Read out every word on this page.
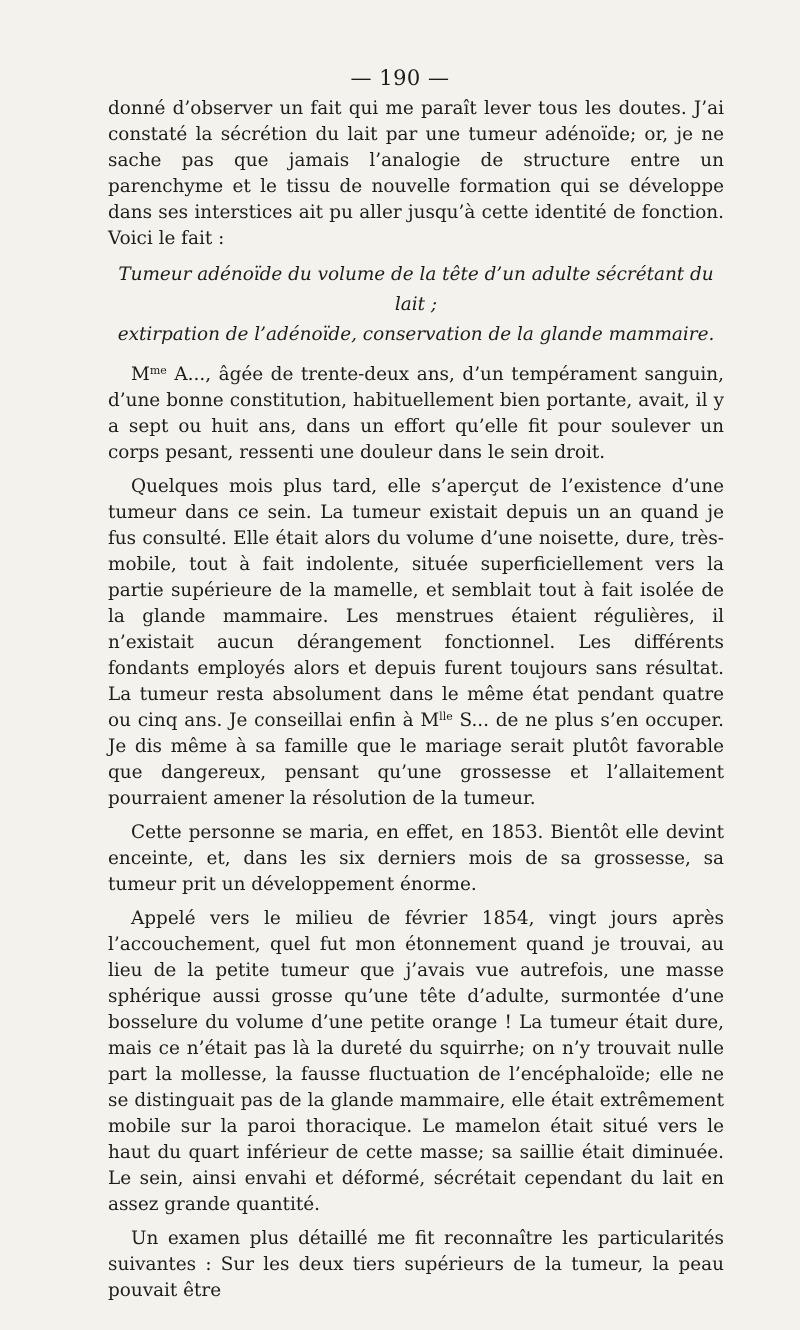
— 190 —

donné d’observer un fait qui me paraît lever tous les doutes. J’ai constaté la sécrétion du lait par une tumeur adénoïde; or, je ne sache pas que jamais l’analogie de structure entre un parenchyme et le tissu de nouvelle formation qui se développe dans ses interstices ait pu aller jusqu’à cette identité de fonction. Voici le fait :

Tumeur adénoïde du volume de la tête d’un adulte sécrétant du lait ;
extirpation de l’adénoïde, conservation de la glande mammaire.

$M^{me}$ A..., âgée de trente-deux ans, d’un tempérament sanguin, d’une bonne constitution, habituellement bien portante, avait, il y a sept ou huit ans, dans un effort qu’elle fit pour soulever un corps pesant, ressenti une douleur dans le sein droit.

Quelques mois plus tard, elle s’aperçut de l’existence d’une tumeur dans ce sein. La tumeur existait depuis un an quand je fus consulté. Elle était alors du volume d’une noisette, dure, très-mobile, tout à fait indolente, située superficiellement vers la partie supérieure de la mamelle, et semblait tout à fait isolée de la glande mammaire. Les menstrues étaient régulières, il n’existait aucun dérangement fonctionnel. Les différents fondants employés alors et depuis furent toujours sans résultat. La tumeur resta absolument dans le même état pendant quatre ou cinq ans. Je conseillai enfin à $M^{lle}$ S... de ne plus s’en occuper. Je dis même à sa famille que le mariage serait plutôt favorable que dangereux, pensant qu’une grossesse et l’allaitement pourraient amener la résolution de la tumeur.

Cette personne se maria, en effet, en 1853. Bientôt elle devint enceinte, et, dans les six derniers mois de sa grossesse, sa tumeur prit un développement énorme.

Appelé vers le milieu de février 1854, vingt jours après l’accouchement, quel fut mon étonnement quand je trouvai, au lieu de la petite tumeur que j’avais vue autrefois, une masse sphérique aussi grosse qu’une tête d’adulte, surmontée d’une bosselure du volume d’une petite orange ! La tumeur était dure, mais ce n’était pas là la dureté du squirrhe; on n’y trouvait nulle part la mollesse, la fausse fluctuation de l’encéphaloïde; elle ne se distinguait pas de la glande mammaire, elle était extrêmement mobile sur la paroi thoracique. Le mamelon était situé vers le haut du quart inférieur de cette masse; sa saillie était diminuée. Le sein, ainsi envahi et déformé, sécrétait cependant du lait en assez grande quantité.

Un examen plus détaillé me fit reconnaître les particularités suivantes : Sur les deux tiers supérieurs de la tumeur, la peau pouvait être
